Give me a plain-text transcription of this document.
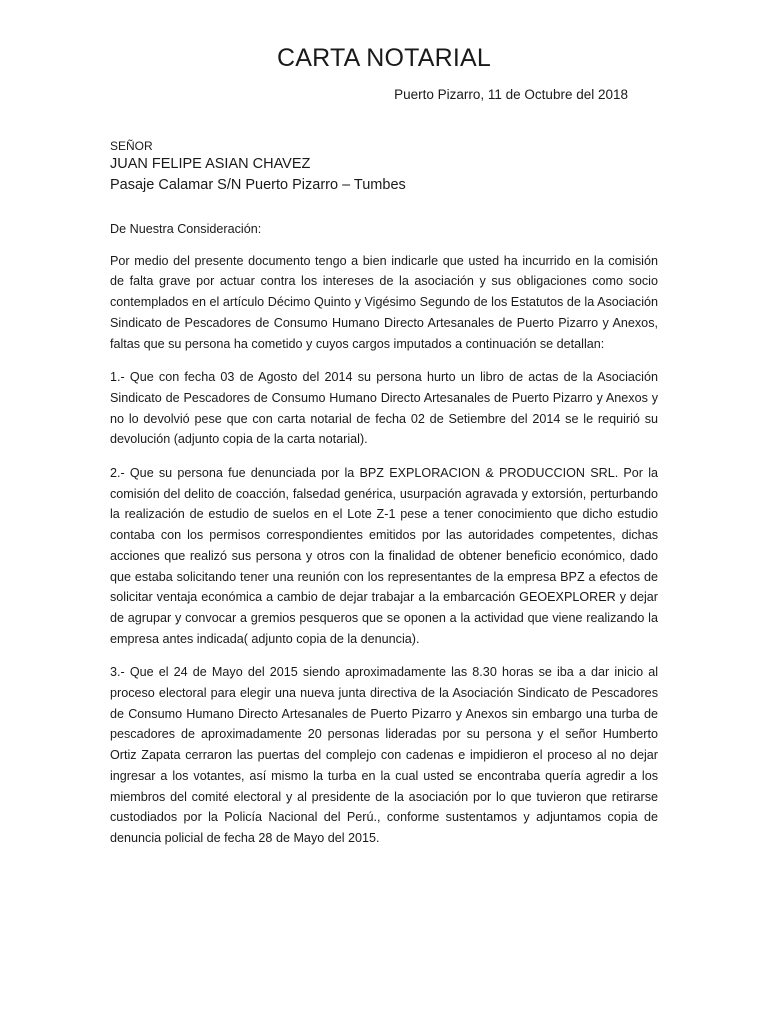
CARTA NOTARIAL
Puerto Pizarro, 11 de Octubre del 2018
SEÑOR
JUAN FELIPE ASIAN CHAVEZ
Pasaje Calamar S/N Puerto Pizarro – Tumbes

De Nuestra Consideración:

Por medio del presente documento tengo a bien indicarle que usted ha incurrido en la comisión de falta grave por actuar contra los intereses de la asociación y sus obligaciones como socio contemplados en el artículo Décimo Quinto y Vigésimo Segundo de los Estatutos de la Asociación Sindicato de Pescadores de Consumo Humano Directo Artesanales de Puerto Pizarro y Anexos, faltas que su persona ha cometido y cuyos cargos imputados a continuación se detallan:

1.- Que con fecha 03 de Agosto del 2014 su persona hurto un libro de actas de la Asociación Sindicato de Pescadores de Consumo Humano Directo Artesanales de Puerto Pizarro y Anexos y no lo devolvió pese que con carta notarial de fecha 02 de Setiembre del 2014 se le requirió su devolución (adjunto copia de la carta notarial).

2.- Que su persona fue denunciada por la BPZ EXPLORACION & PRODUCCION SRL. Por la comisión del delito de coacción, falsedad genérica, usurpación agravada y extorsión, perturbando la realización de estudio de suelos en el Lote Z-1 pese a tener conocimiento que dicho estudio contaba con los permisos correspondientes emitidos por las autoridades competentes, dichas acciones que realizó sus persona y otros con la finalidad de obtener beneficio económico, dado que estaba solicitando tener una reunión con los representantes de la empresa BPZ a efectos de solicitar ventaja económica a cambio de dejar trabajar a la embarcación GEOEXPLORER y dejar de agrupar y convocar a gremios pesqueros que se oponen a la actividad que viene realizando la empresa antes indicada( adjunto copia de la denuncia).

3.- Que el 24 de Mayo del 2015 siendo aproximadamente las 8.30 horas se iba a dar inicio al proceso electoral para elegir una nueva junta directiva de la Asociación Sindicato de Pescadores de Consumo Humano Directo Artesanales de Puerto Pizarro y Anexos sin embargo una turba de pescadores de aproximadamente 20 personas lideradas por su persona y el señor Humberto Ortiz Zapata cerraron las puertas del complejo con cadenas e impidieron el proceso al no dejar ingresar a los votantes, así mismo la turba en la cual usted se encontraba quería agredir a los miembros del comité electoral y al presidente de la asociación por lo que tuvieron que retirarse custodiados por la Policía Nacional del Perú., conforme sustentamos y adjuntamos copia de denuncia policial de fecha 28 de Mayo del 2015.
